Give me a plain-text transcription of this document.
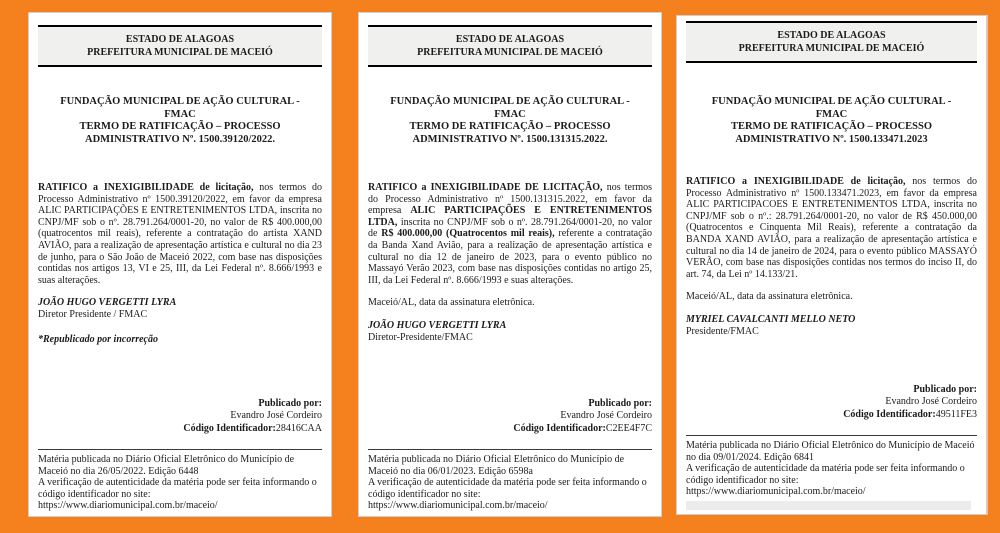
ESTADO DE ALAGOAS
PREFEITURA MUNICIPAL DE MACEIÓ
FUNDAÇÃO MUNICIPAL DE AÇÃO CULTURAL - FMAC
TERMO DE RATIFICAÇÃO – PROCESSO ADMINISTRATIVO Nº. 1500.39120/2022.
RATIFICO a INEXIGIBILIDADE de licitação, nos termos do Processo Administrativo nº 1500.39120/2022, em favor da empresa ALIC PARTICIPAÇÕES E ENTRETENIMENTOS LTDA, inscrita no CNPJ/MF sob o nº. 28.791.264/0001-20, no valor de R$ 400.000,00 (quatrocentos mil reais), referente a contratação do artista XAND AVIÃO, para a realização de apresentação artística e cultural no dia 23 de junho, para o São João de Maceió 2022, com base nas disposições contidas nos artigos 13, VI e 25, III, da Lei Federal nº. 8.666/1993 e suas alterações.
JOÃO HUGO VERGETTI LYRA
Diretor Presidente / FMAC
*Republicado por incorreção
Publicado por:
Evandro José Cordeiro
Código Identificador:28416CAA
Matéria publicada no Diário Oficial Eletrônico do Município de Maceió no dia 26/05/2022. Edição 6448
A verificação de autenticidade da matéria pode ser feita informando o código identificador no site:
https://www.diariomunicipal.com.br/maceio/
ESTADO DE ALAGOAS
PREFEITURA MUNICIPAL DE MACEIÓ
FUNDAÇÃO MUNICIPAL DE AÇÃO CULTURAL - FMAC
TERMO DE RATIFICAÇÃO – PROCESSO ADMINISTRATIVO Nº. 1500.131315.2022.
RATIFICO a INEXIGIBILIDADE DE LICITAÇÃO, nos termos do Processo Administrativo nº 1500.131315.2022, em favor da empresa ALIC PARTICIPAÇÕES E ENTRETENIMENTOS LTDA, inscrita no CNPJ/MF sob o nº. 28.791.264/0001-20, no valor de R$ 400.000,00 (Quatrocentos mil reais), referente a contratação da Banda Xand Avião, para a realização de apresentação artística e cultural no dia 12 de janeiro de 2023, para o evento público no Massayó Verão 2023, com base nas disposições contidas no artigo 25, III, da Lei Federal nº. 8.666/1993 e suas alterações.
Maceió/AL, data da assinatura eletrônica.
JOÃO HUGO VERGETTI LYRA
Diretor-Presidente/FMAC
Publicado por:
Evandro José Cordeiro
Código Identificador:C2EE4F7C
Matéria publicada no Diário Oficial Eletrônico do Município de Maceió no dia 06/01/2023. Edição 6598a
A verificação de autenticidade da matéria pode ser feita informando o código identificador no site:
https://www.diariomunicipal.com.br/maceio/
ESTADO DE ALAGOAS
PREFEITURA MUNICIPAL DE MACEIÓ
FUNDAÇÃO MUNICIPAL DE AÇÃO CULTURAL - FMAC
TERMO DE RATIFICAÇÃO – PROCESSO ADMINISTRATIVO Nº. 1500.133471.2023
RATIFICO a INEXIGIBILIDADE de licitação, nos termos do Processo Administrativo nº 1500.133471.2023, em favor da empresa ALIC PARTICIPACOES E ENTRETENIMENTOS LTDA, inscrita no CNPJ/MF sob o nº.: 28.791.264/0001-20, no valor de R$ 450.000,00 (Quatrocentos e Cinquenta Mil Reais), referente a contratação da BANDA XAND AVIÃO, para a realização de apresentação artística e cultural no dia 14 de janeiro de 2024, para o evento público MASSAYÓ VERÃO, com base nas disposições contidas nos termos do inciso II, do art. 74, da Lei nº 14.133/21.
Maceió/AL, data da assinatura eletrônica.
MYRIEL CAVALCANTI MELLO NETO
Presidente/FMAC
Publicado por:
Evandro José Cordeiro
Código Identificador:49511FE3
Matéria publicada no Diário Oficial Eletrônico do Município de Maceió no dia 09/01/2024. Edição 6841
A verificação de autenticidade da matéria pode ser feita informando o código identificador no site:
https://www.diariomunicipal.com.br/maceio/
